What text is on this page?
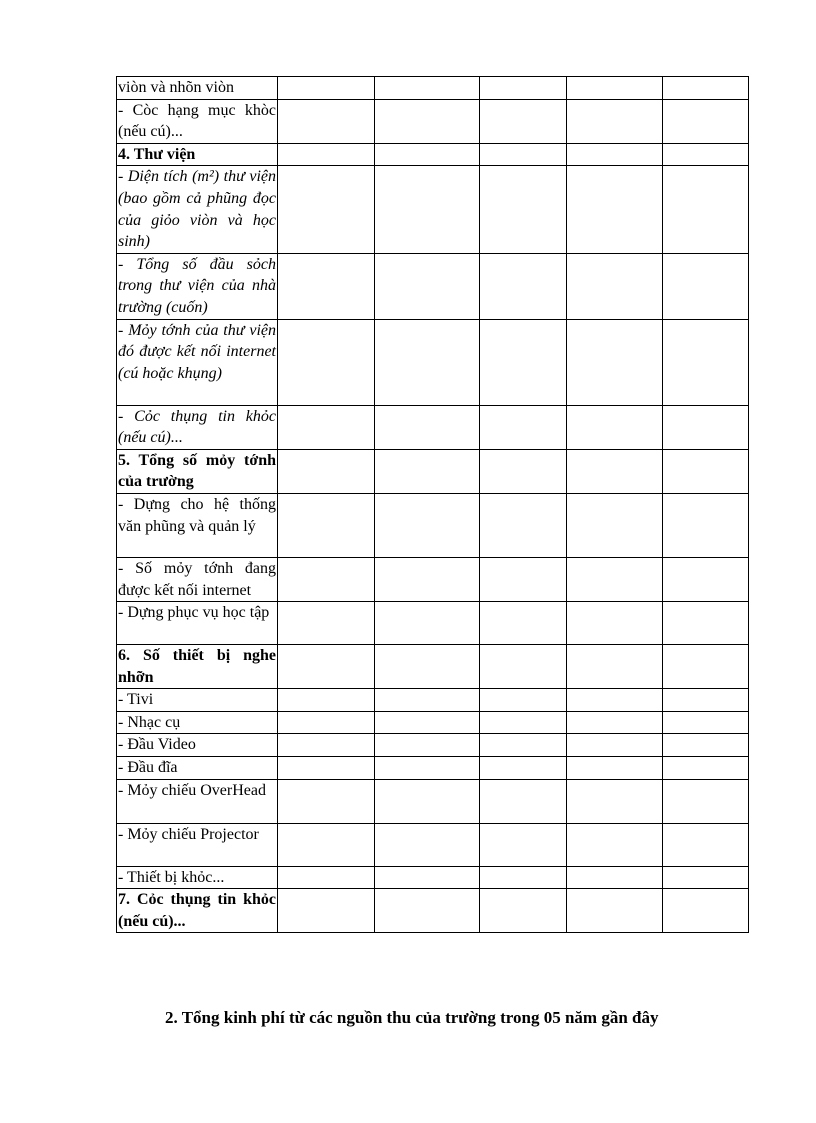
viòn và nhõn viòn					
- Còc hạng mục khòc (nếu cú)...					
4. Thư viện					
- Diện tích (m²) thư viện (bao gồm cả phũng đọc của giỏo viòn và học sinh)					
- Tổng số đầu sỏch trong thư viện của nhà trường (cuốn)					
- Mỏy tớnh của thư viện đó được kết nối internet (cú hoặc khụng)					
- Cỏc thụng tin khỏc (nếu cú)...					
5. Tổng số mỏy tớnh của trường					
- Dựng cho hệ thống văn phũng và quản lý					
- Số mỏy tớnh đang được kết nối internet					
- Dựng phục vụ học tập					
6. Số thiết bị nghe nhỡn					
- Tivi					
- Nhạc cụ					
- Đầu Video					
- Đầu đĩa					
- Mỏy chiếu OverHead					
- Mỏy chiếu Projector					
- Thiết bị khỏc...					
7. Cỏc thụng tin khỏc (nếu cú)...					
2. Tổng kinh phí từ các nguồn thu của trường trong 05 năm gần đây
